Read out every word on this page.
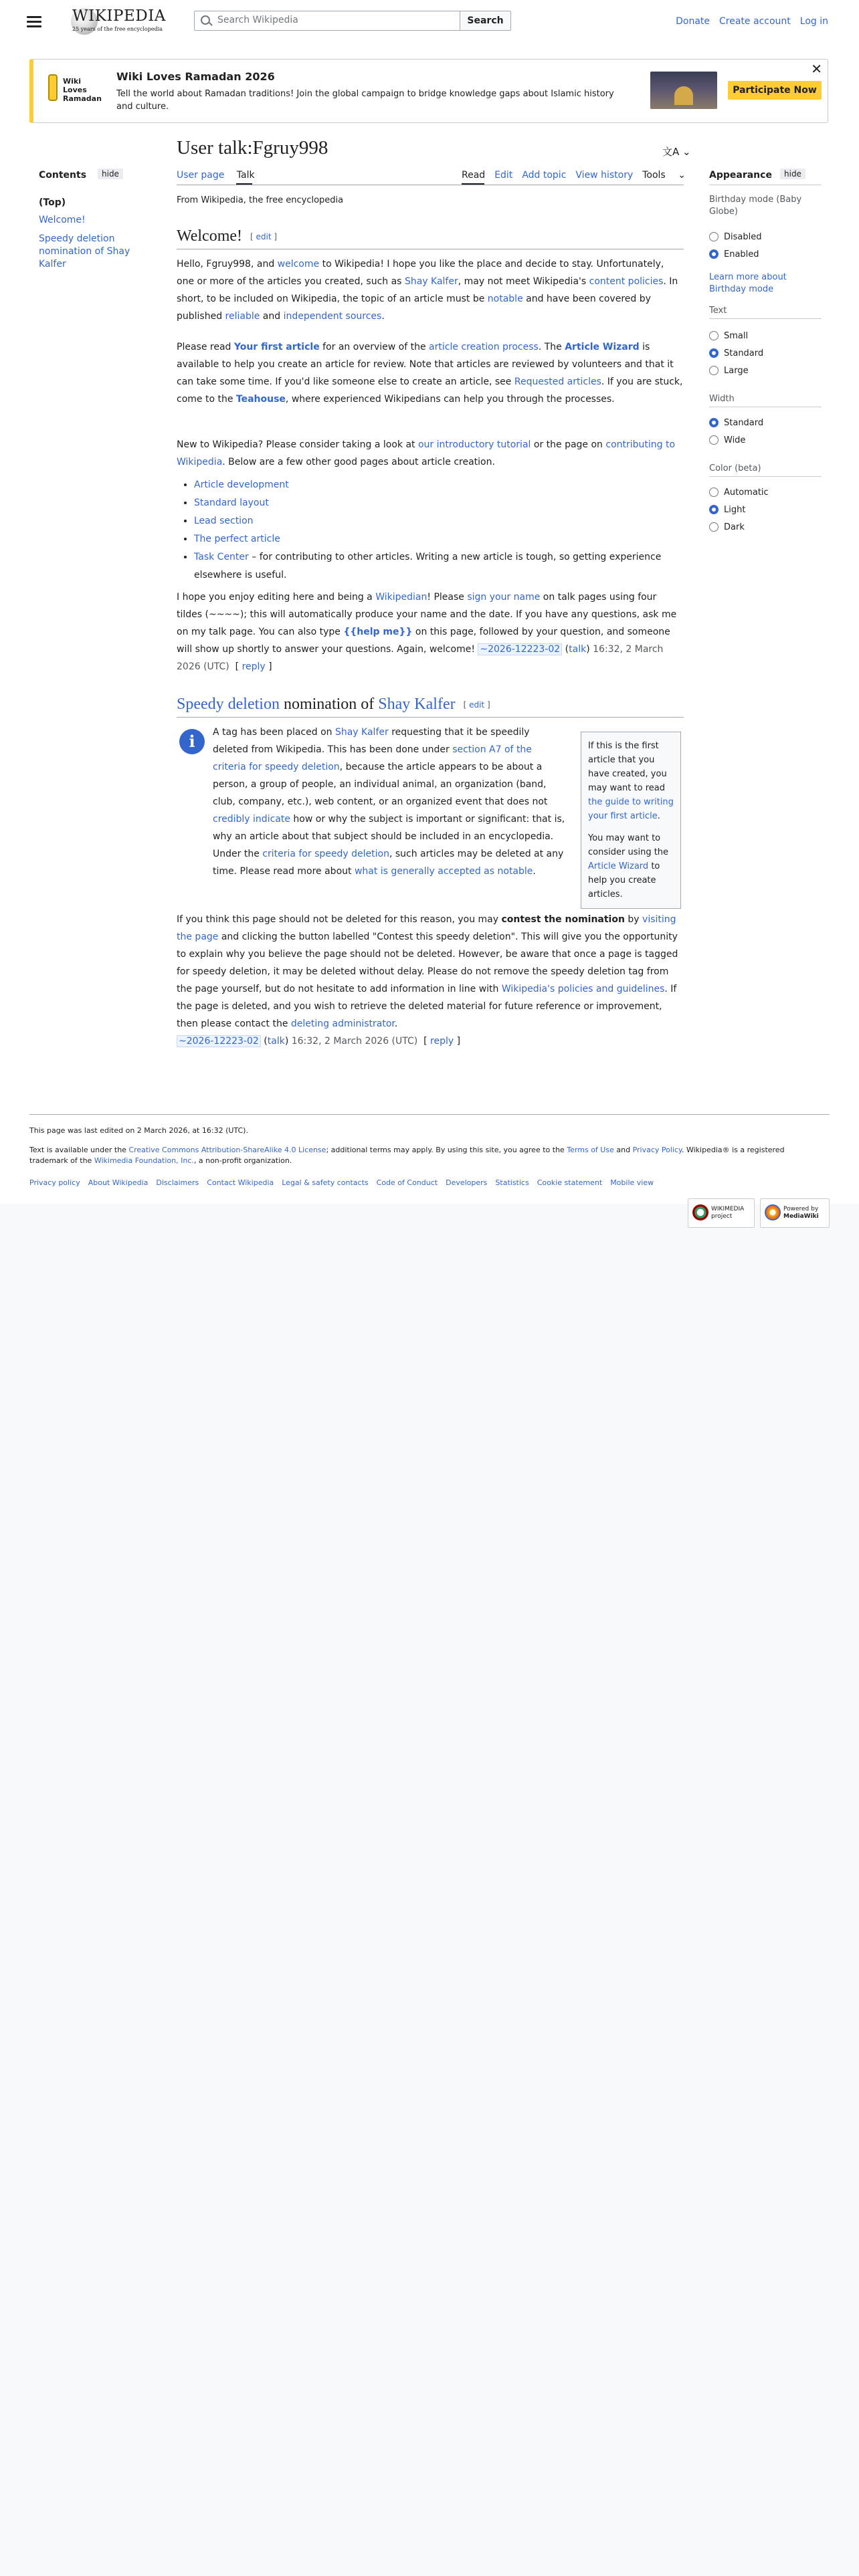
WIKIPEDIA
25 years of the free encyclopedia
Search Wikipedia	Search	Donate Create account Log in
✕
Wiki Loves Ramadan
Wiki Loves Ramadan 2026
Tell the world about Ramadan traditions! Join the global campaign to bridge knowledge gaps about Islamic history and culture.
Participate Now
Contents	hide
(Top)
Welcome!
Speedy deletion nomination of Shay Kalfer
User talk:Fgruy998	文A ⌄
User page Talk	Read Edit Add topic View history Tools ⌄
From Wikipedia, the free encyclopedia
Welcome! [ edit ]
Hello, Fgruy998, and welcome to Wikipedia! I hope you like the place and decide to stay. Unfortunately, one or more of the articles you created, such as Shay Kalfer, may not meet Wikipedia's content policies. In short, to be included on Wikipedia, the topic of an article must be notable and have been covered by published reliable and independent sources.
Please read Your first article for an overview of the article creation process. The Article Wizard is available to help you create an article for review. Note that articles are reviewed by volunteers and that it can take some time. If you'd like someone else to create an article, see Requested articles. If you are stuck, come to the Teahouse, where experienced Wikipedians can help you through the processes.
New to Wikipedia? Please consider taking a look at our introductory tutorial or the page on contributing to Wikipedia. Below are a few other good pages about article creation.
• Article development
• Standard layout
• Lead section
• The perfect article
• Task Center – for contributing to other articles. Writing a new article is tough, so getting experience elsewhere is useful.
I hope you enjoy editing here and being a Wikipedian! Please sign your name on talk pages using four tildes (~~~~); this will automatically produce your name and the date. If you have any questions, ask me on my talk page. You can also type {{help me}} on this page, followed by your question, and someone will show up shortly to answer your questions. Again, welcome! ~2026-12223-02 (talk) 16:32, 2 March 2026 (UTC)  [ reply ]
Speedy deletion nomination of Shay Kalfer [ edit ]
i	A tag has been placed on Shay Kalfer requesting that it be speedily deleted from Wikipedia. This has been done under section A7 of the criteria for speedy deletion, because the article appears to be about a person, a group of people, an individual animal, an organization (band, club, company, etc.), web content, or an organized event that does not credibly indicate how or why the subject is important or significant: that is, why an article about that subject should be included in an encyclopedia. Under the criteria for speedy deletion, such articles may be deleted at any time. Please read more about what is generally accepted as notable.
If this is the first article that you have created, you may want to read the guide to writing your first article.
You may want to consider using the Article Wizard to help you create articles.
If you think this page should not be deleted for this reason, you may contest the nomination by visiting the page and clicking the button labelled "Contest this speedy deletion". This will give you the opportunity to explain why you believe the page should not be deleted. However, be aware that once a page is tagged for speedy deletion, it may be deleted without delay. Please do not remove the speedy deletion tag from the page yourself, but do not hesitate to add information in line with Wikipedia's policies and guidelines. If the page is deleted, and you wish to retrieve the deleted material for future reference or improvement, then please contact the deleting administrator.
~2026-12223-02 (talk) 16:32, 2 March 2026 (UTC)  [ reply ]
Appearance	hide
Birthday mode (Baby Globe)
Disabled
Enabled
Learn more about Birthday mode
Text
Small
Standard
Large
Width
Standard
Wide
Color (beta)
Automatic
Light
Dark
This page was last edited on 2 March 2026, at 16:32 (UTC).
Text is available under the Creative Commons Attribution-ShareAlike 4.0 License; additional terms may apply. By using this site, you agree to the Terms of Use and Privacy Policy. Wikipedia® is a registered trademark of the Wikimedia Foundation, Inc., a non-profit organization.
Privacy policy About Wikipedia Disclaimers Contact Wikipedia Legal & safety contacts Code of Conduct Developers Statistics Cookie statement Mobile view
WIKIMEDIA project
Powered by
MediaWiki
